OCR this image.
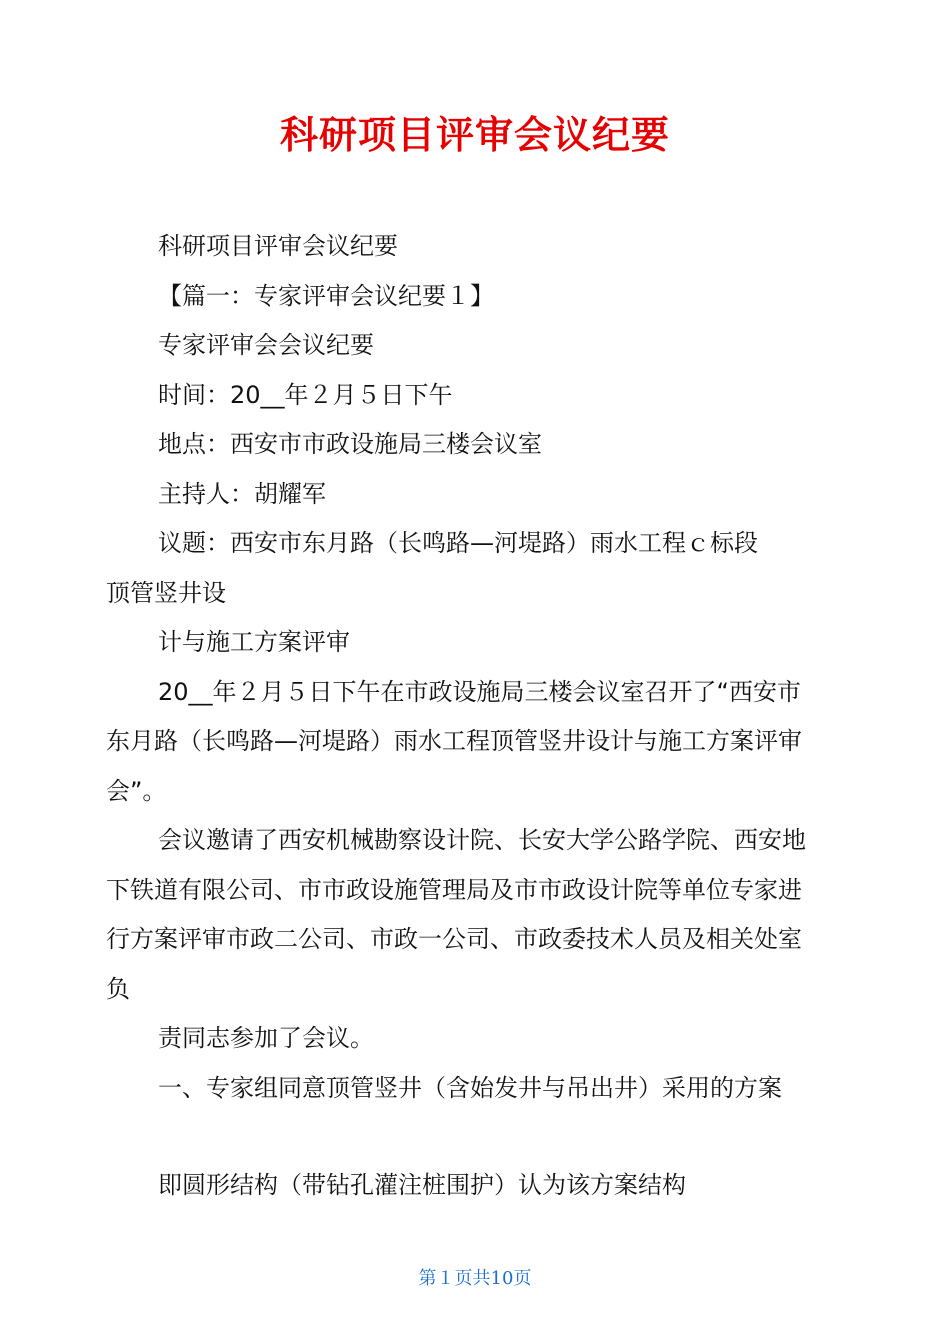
科研项目评审会议纪要
科研项目评审会议纪要
【篇一：专家评审会议纪要１】
专家评审会会议纪要
时间：20__年２月５日下午
地点：西安市市政设施局三楼会议室
主持人：胡耀军
议题：西安市东月路（长鸣路—河堤路）雨水工程ｃ标段
顶管竖井设
计与施工方案评审
20__年２月５日下午在市政设施局三楼会议室召开了“西安市
东月路（长鸣路—河堤路）雨水工程顶管竖井设计与施工方案评审
会”。
会议邀请了西安机械勘察设计院、长安大学公路学院、西安地
下铁道有限公司、市市政设施管理局及市市政设计院等单位专家进
行方案评审市政二公司、市政一公司、市政委技术人员及相关处室
负
责同志参加了会议。
一、专家组同意顶管竖井（含始发井与吊出井）采用的方案
即圆形结构（带钻孔灌注桩围护）认为该方案结构
第１页共10页
